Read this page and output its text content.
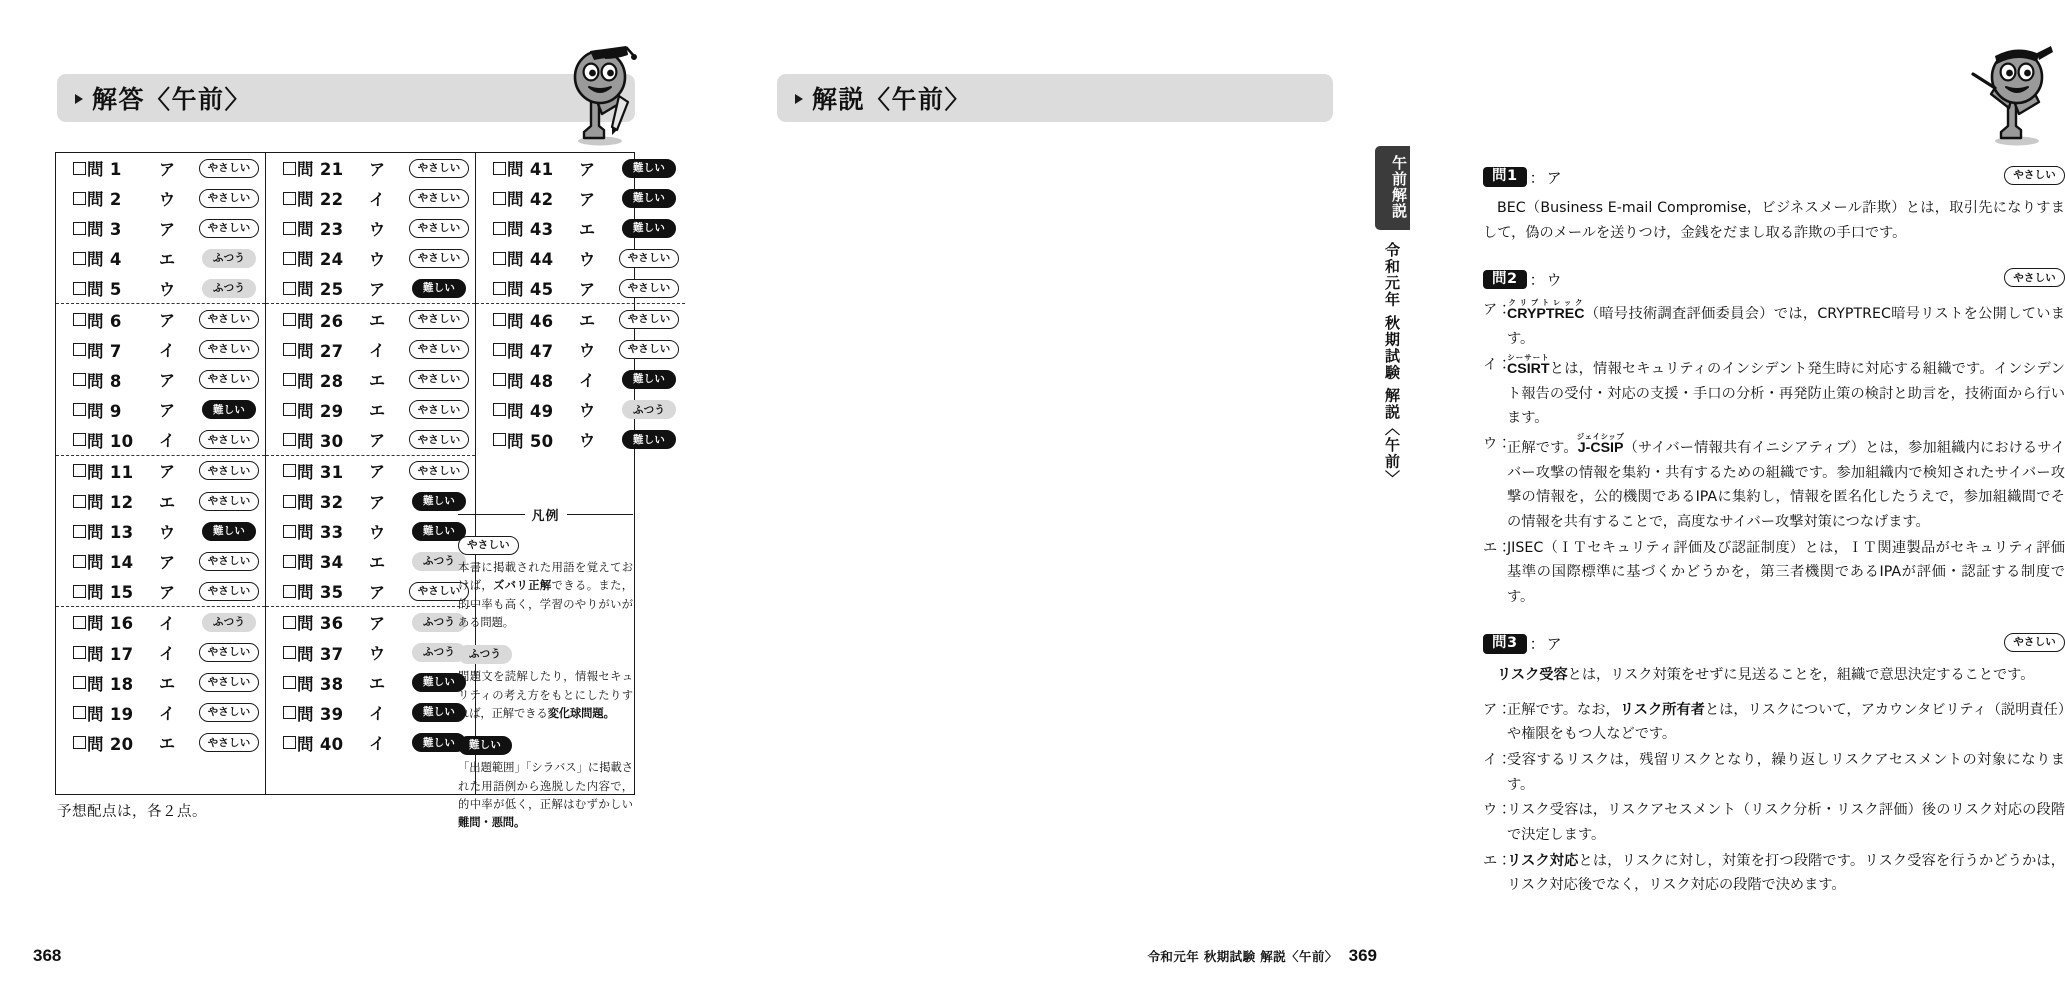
解答〈午前〉
問 1	ア	やさしい
問 2	ウ	やさしい
問 3	ア	やさしい
問 4	エ	ふつう
問 5	ウ	ふつう
問 6	ア	やさしい
問 7	イ	やさしい
問 8	ア	やさしい
問 9	ア	難しい
問 10	イ	やさしい
問 11	ア	やさしい
問 12	エ	やさしい
問 13	ウ	難しい
問 14	ア	やさしい
問 15	ア	やさしい
問 16	イ	ふつう
問 17	イ	やさしい
問 18	エ	やさしい
問 19	イ	やさしい
問 20	エ	やさしい
問 21	ア	やさしい
問 22	イ	やさしい
問 23	ウ	やさしい
問 24	ウ	やさしい
問 25	ア	難しい
問 26	エ	やさしい
問 27	イ	やさしい
問 28	エ	やさしい
問 29	エ	やさしい
問 30	ア	やさしい
問 31	ア	やさしい
問 32	ア	難しい
問 33	ウ	難しい
問 34	エ	ふつう
問 35	ア	やさしい
問 36	ア	ふつう
問 37	ウ	ふつう
問 38	エ	難しい
問 39	イ	難しい
問 40	イ	難しい
問 41	ア	難しい
問 42	ア	難しい
問 43	エ	難しい
問 44	ウ	やさしい
問 45	ア	やさしい
問 46	エ	やさしい
問 47	ウ	やさしい
問 48	イ	難しい
問 49	ウ	ふつう
問 50	ウ	難しい
凡例
やさしい
本書に掲載された用語を覚えておけば，ズバリ正解できる。また，的中率も高く，学習のやりがいがある問題。
ふつう
問題文を読解したり，情報セキュリティの考え方をもとにしたりすれば，正解できる変化球問題。
難しい
「出題範囲」「シラバス」に掲載された用語例から逸脱した内容で，的中率が低く，正解はむずかしい難問・悪問。
予想配点は，各２点。
368
解説〈午前〉
問1 ： ア	やさしい

BEC（Business E-mail Compromise，ビジネスメール詐欺）とは，取引先になりすまして，偽のメールを送りつけ，金銭をだまし取る詐欺の手口です。

問2 ： ウ	やさしい
ア：
CRYPTRECクリプトレック（暗号技術調査評価委員会）では，CRYPTREC暗号リストを公開しています。
イ：
CSIRTシーサートとは，情報セキュリティのインシデント発生時に対応する組織です。インシデント報告の受付・対応の支援・手口の分析・再発防止策の検討と助言を，技術面から行います。
ウ：
正解です。J-CSIPジェイシップ（サイバー情報共有イニシアティブ）とは，参加組織内におけるサイバー攻撃の情報を集約・共有するための組織です。参加組織内で検知されたサイバー攻撃の情報を，公的機関であるIPAに集約し，情報を匿名化したうえで，参加組織間でその情報を共有することで，高度なサイバー攻撃対策につなげます。
エ：
JISEC（ＩＴセキュリティ評価及び認証制度）とは，ＩＴ関連製品がセキュリティ評価基準の国際標準に基づくかどうかを，第三者機関であるIPAが評価・認証する制度です。
問3 ： ア	やさしい

リスク受容とは，リスク対策をせずに見送ることを，組織で意思決定することです。

ア：
正解です。なお，リスク所有者とは，リスクについて，アカウンタビリティ（説明責任）や権限をもつ人などです。
イ：
受容するリスクは，残留リスクとなり，繰り返しリスクアセスメントの対象になります。
ウ：
リスク受容は，リスクアセスメント（リスク分析・リスク評価）後のリスク対応の段階で決定します。
エ：
リスク対応とは，リスクに対し，対策を打つ段階です。リスク受容を行うかどうかは，リスク対応後でなく，リスク対応の段階で決めます。
午前解説
令和元年 秋期試験 解説〈午前〉
令和元年 秋期試験 解説〈午前〉 369
